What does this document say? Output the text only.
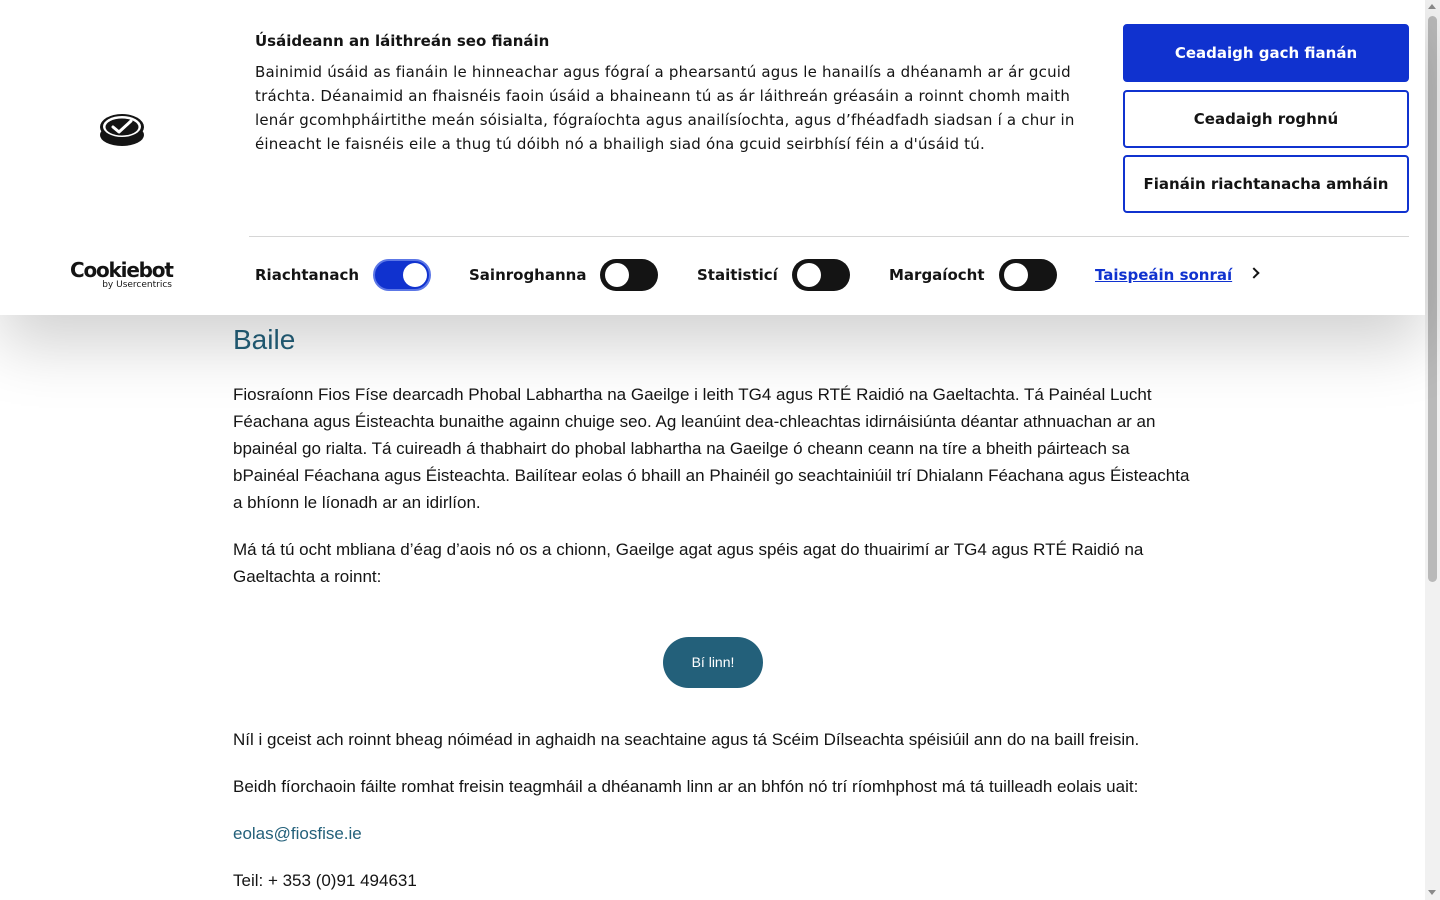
Baile

Fiosraíonn Fios Físe dearcadh Phobal Labhartha na Gaeilge i leith TG4 agus RTÉ Raidió na Gaeltachta. Tá Painéal Lucht Féachana agus Éisteachta bunaithe againn chuige seo. Ag leanúint dea-chleachtas idirnáisiúnta déantar athnuachan ar an bpainéal go rialta. Tá cuireadh á thabhairt do phobal labhartha na Gaeilge ó cheann ceann na tíre a bheith páirteach sa bPainéal Féachana agus Éisteachta. Bailítear eolas ó bhaill an Phainéil go seachtainiúil trí Dhialann Féachana agus Éisteachta a bhíonn le líonadh ar an idirlíon.

Má tá tú ocht mbliana d’éag d’aois nó os a chionn, Gaeilge agat agus spéis agat do thuairimí ar TG4 agus RTÉ Raidió na Gaeltachta a roinnt:

Bí linn!

Níl i gceist ach roinnt bheag nóiméad in aghaidh na seachtaine agus tá Scéim Dílseachta spéisiúil ann do na baill freisin.

Beidh fíorchaoin fáilte romhat freisin teagmháil a dhéanamh linn ar an bhfón nó trí ríomhphost má tá tuilleadh eolais uait:

eolas@fiosfise.ie

Teil: + 353 (0)91 494631

Cookiebot
by Usercentrics
Úsáideann an láithreán seo fianáin
Bainimid úsáid as fianáin le hinneachar agus fógraí a phearsantú agus le hanailís a dhéanamh ar ár gcuid tráchta. Déanaimid an fhaisnéis faoin úsáid a bhaineann tú as ár láithreán gréasáin a roinnt chomh maith lenár gcomhpháirtithe meán sóisialta, fógraíochta agus anailísíochta, agus d’fhéadfadh siadsan í a chur in éineacht le faisnéis eile a thug tú dóibh nó a bhailigh siad óna gcuid seirbhísí féin a d'úsáid tú.
Ceadaigh gach fianán
Ceadaigh roghnú
Fianáin riachtanacha amháin
Riachtanach	Sainroghanna	Staitisticí	Margaíocht	Taispeáin sonraí
